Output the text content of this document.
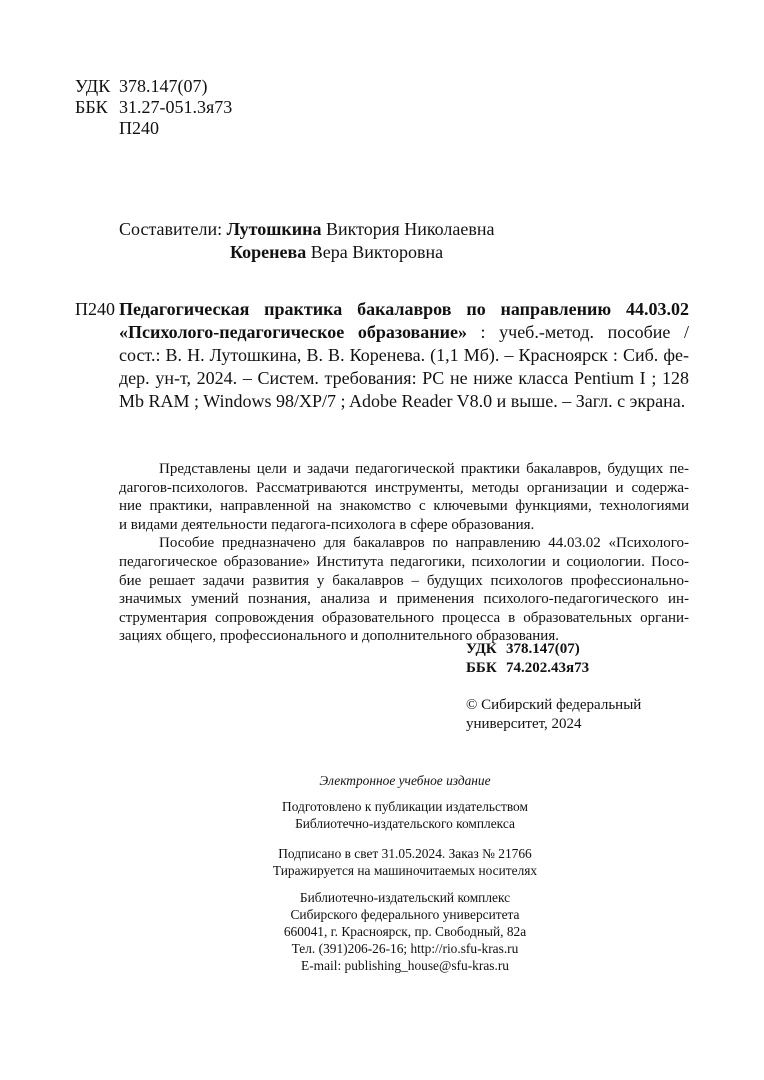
УДК 378.147(07)
ББК 31.27-051.3я73
П240
Составители: Лутошкина Виктория Николаевна
Коренева Вера Викторовна
П240 Педагогическая практика бакалавров по направлению 44.03.02
«Психолого-педагогическое образование» : учеб.-метод. пособие /
сост.: В. Н. Лутошкина, В. В. Коренева. (1,1 Мб). – Красноярск : Сиб. фе-
дер. ун-т, 2024. – Систем. требования: PC не ниже класса Pentium I ; 128
Mb RAM ; Windows 98/XP/7 ; Adobe Reader V8.0 и выше. – Загл. с экрана.
Представлены цели и задачи педагогической практики бакалавров, будущих пе-
дагогов-психологов. Рассматриваются инструменты, методы организации и содержа-
ние практики, направленной на знакомство с ключевыми функциями, технологиями
и видами деятельности педагога-психолога в сфере образования.
Пособие предназначено для бакалавров по направлению 44.03.02 «Психолого-
педагогическое образование» Института педагогики, психологии и социологии. Посо-
бие решает задачи развития у бакалавров – будущих психологов профессионально-
значимых умений познания, анализа и применения психолого-педагогического ин-
струментария сопровождения образовательного процесса в образовательных органи-
зациях общего, профессионального и дополнительного образования.
УДК 378.147(07)
ББК 74.202.43я73
© Сибирский федеральный
университет, 2024
Электронное учебное издание
Подготовлено к публикации издательством
Библиотечно-издательского комплекса
Подписано в свет 31.05.2024. Заказ № 21766
Тиражируется на машиночитаемых носителях
Библиотечно-издательский комплекс
Сибирского федерального университета
660041, г. Красноярск, пр. Свободный, 82а
Тел. (391)206-26-16; http://rio.sfu-kras.ru
E-mail: publishing_house@sfu-kras.ru
